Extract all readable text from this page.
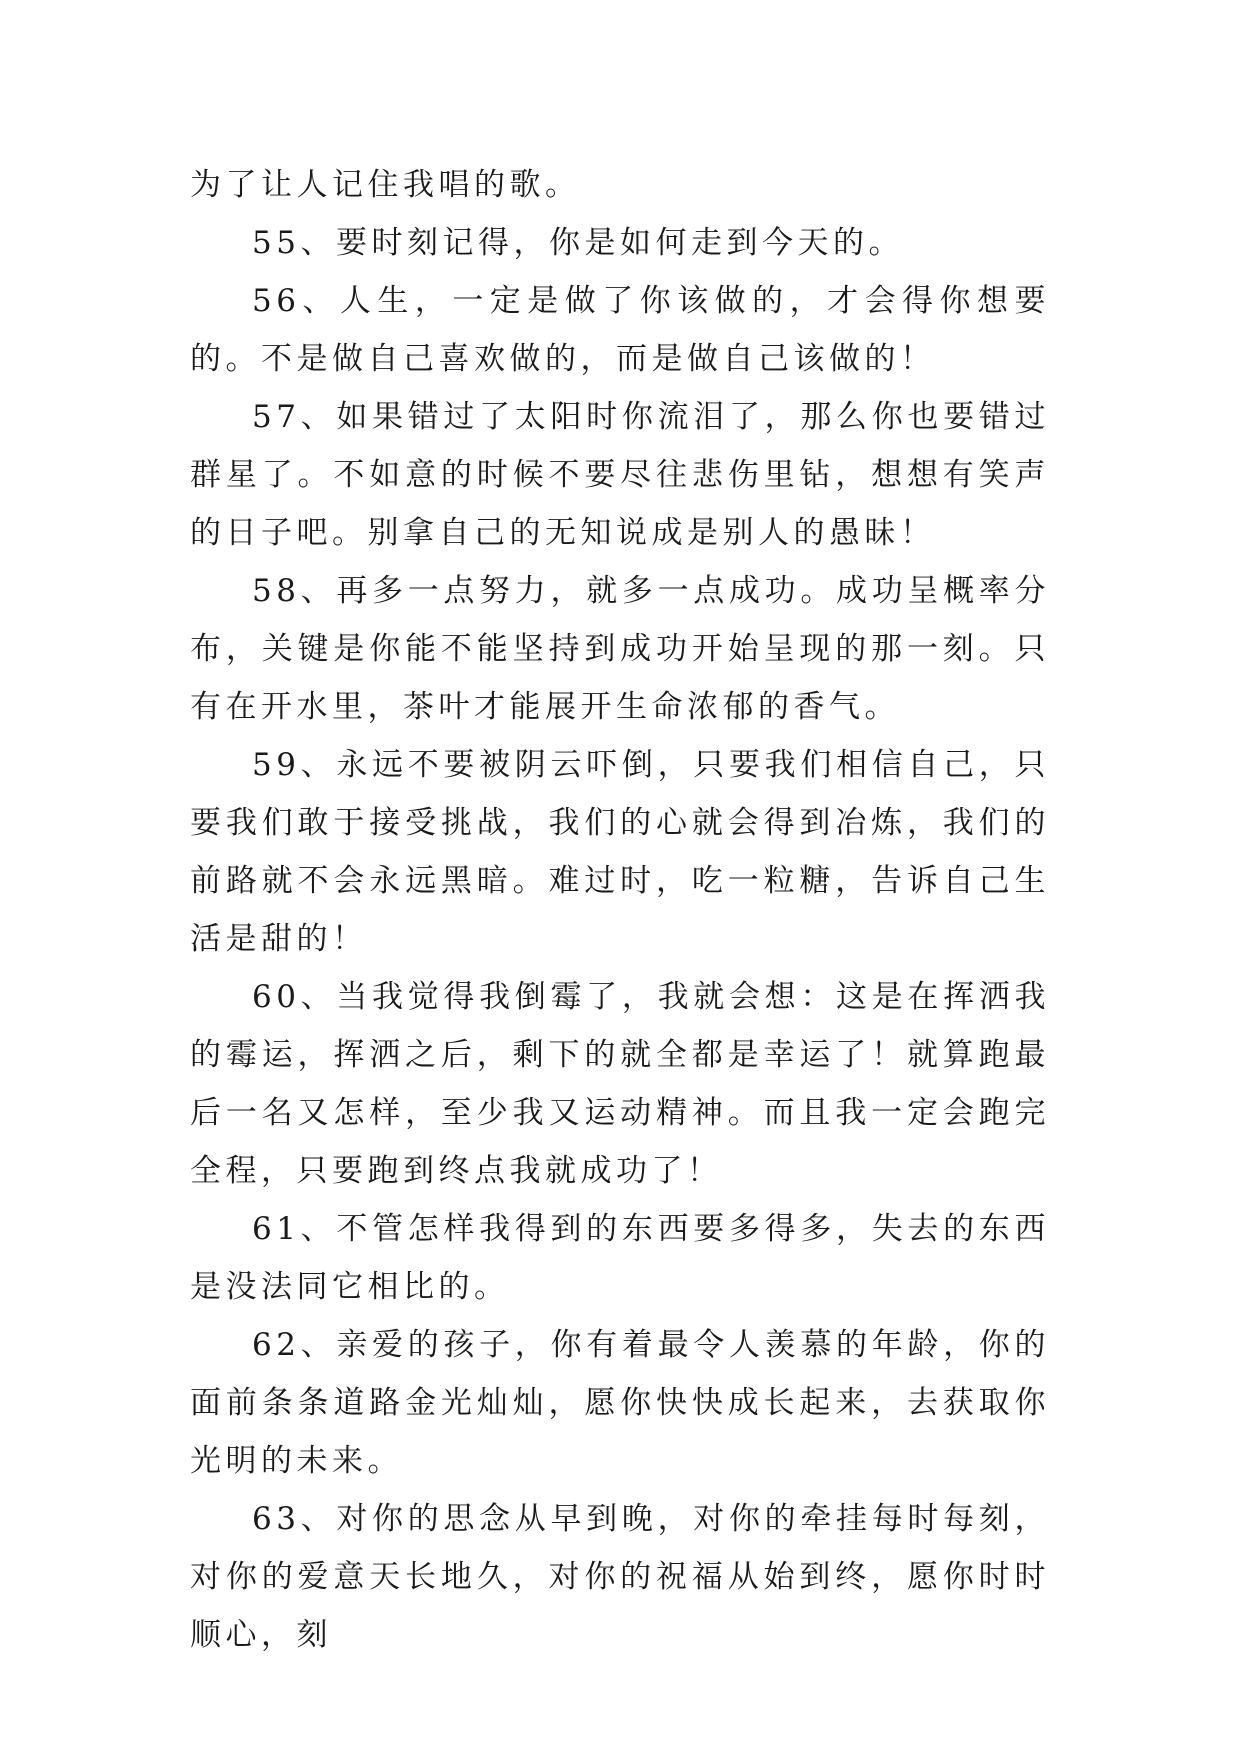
为了让人记住我唱的歌。

55、要时刻记得，你是如何走到今天的。

56、人生，一定是做了你该做的，才会得你想要的。不是做自己喜欢做的，而是做自己该做的！

57、如果错过了太阳时你流泪了，那么你也要错过群星了。不如意的时候不要尽往悲伤里钻，想想有笑声的日子吧。别拿自己的无知说成是别人的愚昧！

58、再多一点努力，就多一点成功。成功呈概率分布，关键是你能不能坚持到成功开始呈现的那一刻。只有在开水里，茶叶才能展开生命浓郁的香气。

59、永远不要被阴云吓倒，只要我们相信自己，只要我们敢于接受挑战，我们的心就会得到冶炼，我们的前路就不会永远黑暗。难过时，吃一粒糖，告诉自己生活是甜的！

60、当我觉得我倒霉了，我就会想：这是在挥洒我的霉运，挥洒之后，剩下的就全都是幸运了！就算跑最后一名又怎样，至少我又运动精神。而且我一定会跑完全程，只要跑到终点我就成功了！

61、不管怎样我得到的东西要多得多，失去的东西是没法同它相比的。

62、亲爱的孩子，你有着最令人羡慕的年龄，你的面前条条道路金光灿灿，愿你快快成长起来，去获取你光明的未来。

63、对你的思念从早到晚，对你的牵挂每时每刻，对你的爱意天长地久，对你的祝福从始到终，愿你时时顺心，刻
